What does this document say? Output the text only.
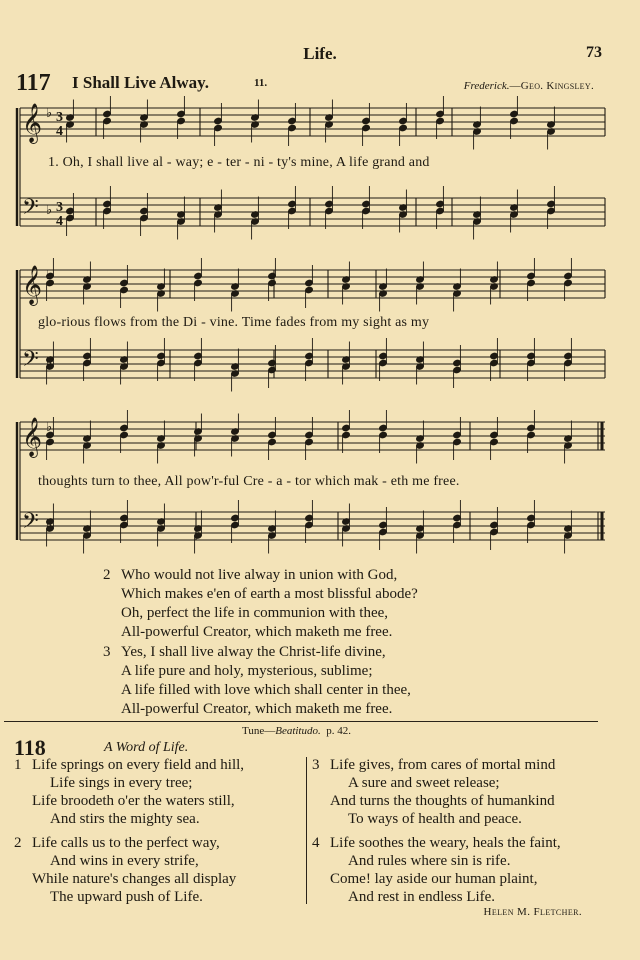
Life.	73
117 I Shall Live Alway.	11.	Frederick.—Geo. Kingsley.
𝄞 ♭ 3
4
𝄢 ♭ 3
4
𝄞 ♭
𝄢 ♭
𝄞 ♭
𝄢 ♭
1. Oh, I shall live al - way; e - ter - ni - ty's mine, A life grand and
glo-rious flows from the Di - vine. Time fades from my sight as my
thoughts turn to thee, All pow'r-ful Cre - a - tor which mak - eth me free.
2 Who would not live alway in union with God,
Which makes e'en of earth a most blissful abode?
Oh, perfect the life in communion with thee,
All-powerful Creator, which maketh me free.
3 Yes, I shall live alway the Christ-life divine,
A life pure and holy, mysterious, sublime;
A life filled with love which shall center in thee,
All-powerful Creator, which maketh me free.
Tune—Beatitudo. p. 42.
118	A Word of Life.
1 Life springs on every field and hill,
Life sings in every tree;
Life broodeth o'er the waters still,
And stirs the mighty sea.
2 Life calls us to the perfect way,
And wins in every strife,
While nature's changes all display
The upward push of Life.
3 Life gives, from cares of mortal mind
A sure and sweet release;
And turns the thoughts of humankind
To ways of health and peace.
4 Life soothes the weary, heals the faint,
And rules where sin is rife.
Come! lay aside our human plaint,
And rest in endless Life.
Helen M. Fletcher.
